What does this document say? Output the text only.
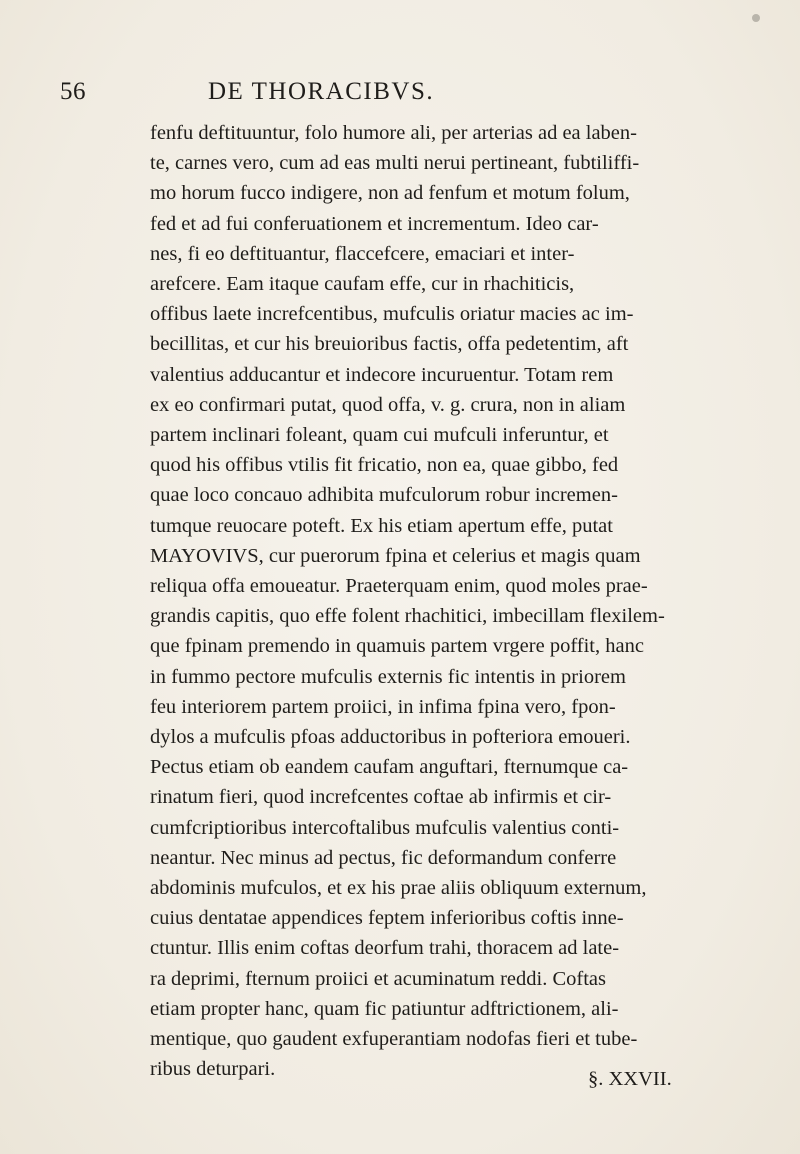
56	DE THORACIBVS.
fenfu deftituuntur, folo humore ali, per arterias ad ea laben-
te, carnes vero, cum ad eas multi nerui pertineant, fubtiliffi-
mo horum fucco indigere, non ad fenfum et motum folum,
fed et ad fui conferuationem et incrementum. Ideo car-
nes, fi eo deftituantur, flaccefcere, emaciari et inter-
arefcere. Eam itaque caufam effe, cur in rhachiticis,
offibus laete increfcentibus, mufculis oriatur macies ac im-
becillitas, et cur his breuioribus factis, offa pedetentim, aft
valentius adducantur et indecore incuruentur. Totam rem
ex eo confirmari putat, quod offa, v. g. crura, non in aliam
partem inclinari foleant, quam cui mufculi inferuntur, et
quod his offibus vtilis fit fricatio, non ea, quae gibbo, fed
quae loco concauo adhibita mufculorum robur incremen-
tumque reuocare poteft. Ex his etiam apertum effe, putat
MAYOVIVS, cur puerorum fpina et celerius et magis quam
reliqua offa emoueatur. Praeterquam enim, quod moles prae-
grandis capitis, quo effe folent rhachitici, imbecillam flexilem-
que fpinam premendo in quamuis partem vrgere poffit, hanc
in fummo pectore mufculis externis fic intentis in priorem
feu interiorem partem proiici, in infima fpina vero, fpon-
dylos a mufculis pfoas adductoribus in pofteriora emoueri.
Pectus etiam ob eandem caufam anguftari, fternumque ca-
rinatum fieri, quod increfcentes coftae ab infirmis et cir-
cumfcriptioribus intercoftalibus mufculis valentius conti-
neantur. Nec minus ad pectus, fic deformandum conferre
abdominis mufculos, et ex his prae aliis obliquum externum,
cuius dentatae appendices feptem inferioribus coftis inne-
ctuntur. Illis enim coftas deorfum trahi, thoracem ad late-
ra deprimi, fternum proiici et acuminatum reddi. Coftas
etiam propter hanc, quam fic patiuntur adftrictionem, ali-
mentique, quo gaudent exfuperantiam nodofas fieri et tube-
ribus deturpari.	§. XXVII.
